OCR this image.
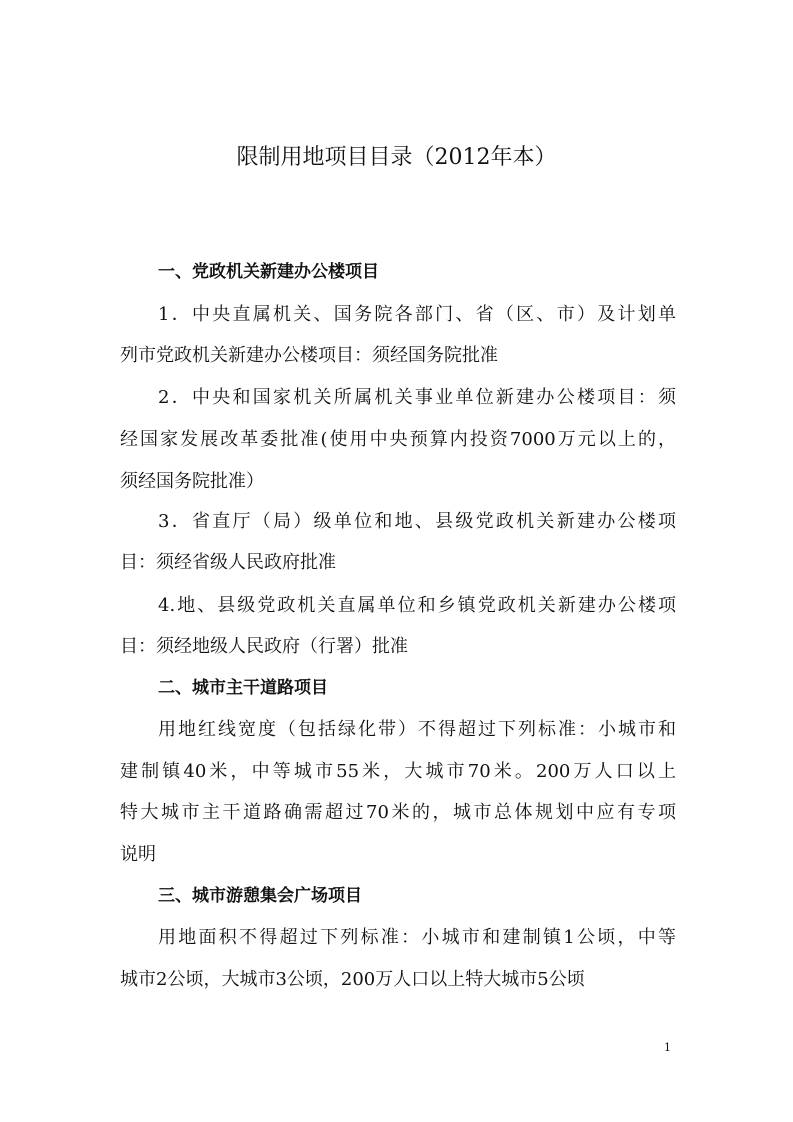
限制用地项目目录（2012年本）
一、党政机关新建办公楼项目
1．中央直属机关、国务院各部门、省（区、市）及计划单
列市党政机关新建办公楼项目：须经国务院批准
2．中央和国家机关所属机关事业单位新建办公楼项目：须
经国家发展改革委批准(使用中央预算内投资7000万元以上的，
须经国务院批准）
3．省直厅（局）级单位和地、县级党政机关新建办公楼项
目：须经省级人民政府批准
4.地、县级党政机关直属单位和乡镇党政机关新建办公楼项
目：须经地级人民政府（行署）批准
二、城市主干道路项目
用地红线宽度（包括绿化带）不得超过下列标准：小城市和
建制镇40米，中等城市55米，大城市70米。200万人口以上
特大城市主干道路确需超过70米的，城市总体规划中应有专项
说明
三、城市游憩集会广场项目
用地面积不得超过下列标准：小城市和建制镇1公顷，中等
城市2公顷，大城市3公顷，200万人口以上特大城市5公顷
1
